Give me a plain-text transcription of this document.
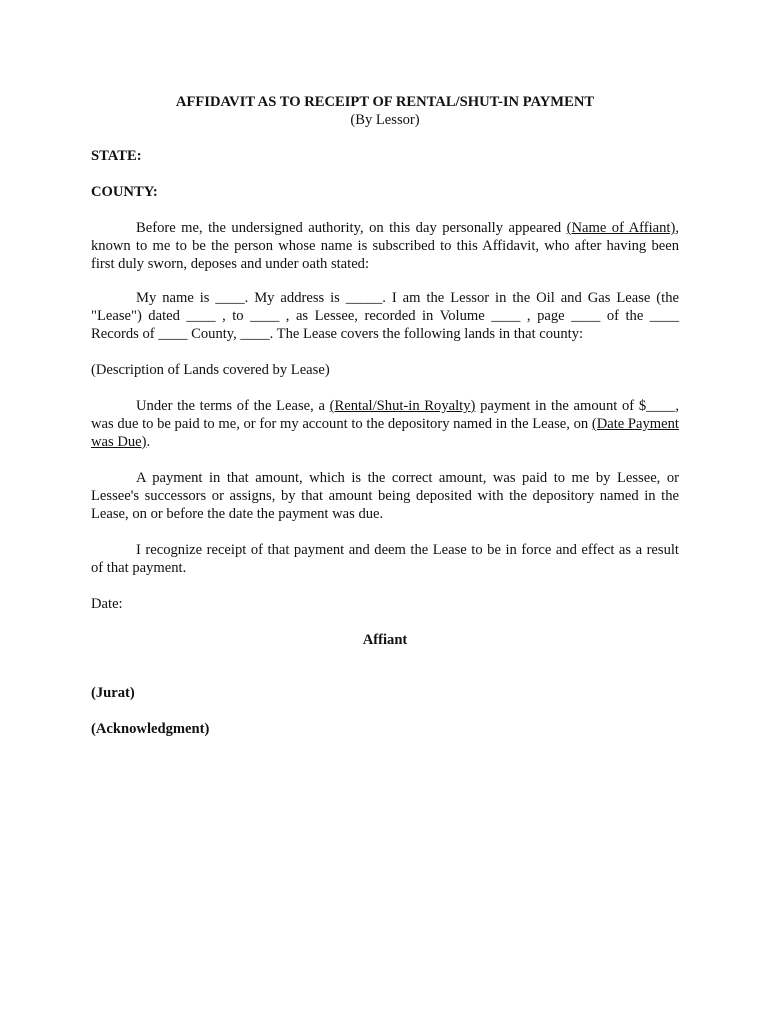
AFFIDAVIT AS TO RECEIPT OF RENTAL/SHUT-IN PAYMENT

(By Lessor)

STATE:

COUNTY:

Before me, the undersigned authority, on this day personally appeared (Name of Affiant), known to me to be the person whose name is subscribed to this Affidavit, who after having been first duly sworn, deposes and under oath stated:

My name is ____. My address is _____. I am the Lessor in the Oil and Gas Lease (the "Lease") dated ____ , to ____ , as Lessee, recorded in Volume ____ , page ____ of the ____ Records of ____ County, ____. The Lease covers the following lands in that county:

(Description of Lands covered by Lease)

Under the terms of the Lease, a (Rental/Shut-in Royalty) payment in the amount of $____, was due to be paid to me, or for my account to the depository named in the Lease, on (Date Payment was Due).

A payment in that amount, which is the correct amount, was paid to me by Lessee, or Lessee's successors or assigns, by that amount being deposited with the depository named in the Lease, on or before the date the payment was due.

I recognize receipt of that payment and deem the Lease to be in force and effect as a result of that payment.

Date:

Affiant

(Jurat)

(Acknowledgment)
